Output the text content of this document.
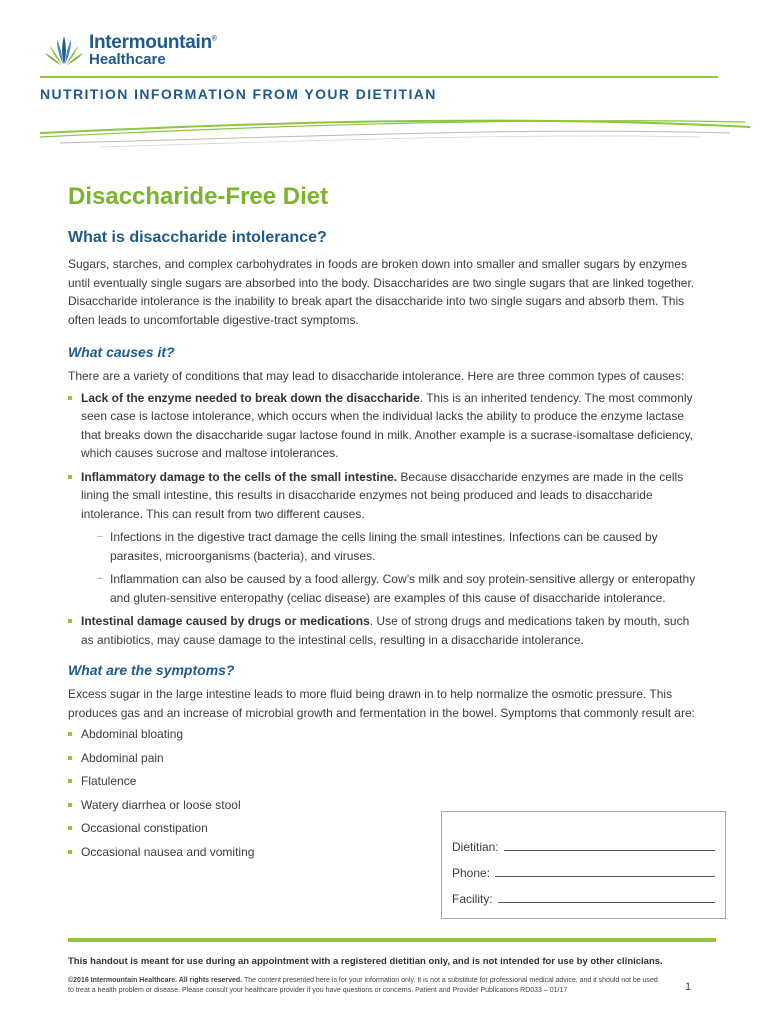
Intermountain®
Healthcare
NUTRITION INFORMATION FROM YOUR DIETITIAN
Disaccharide-Free Diet
What is disaccharide intolerance?

Sugars, starches, and complex carbohydrates in foods are broken down into smaller and smaller sugars by enzymes until eventually single sugars are absorbed into the body. Disaccharides are two single sugars that are linked together. Disaccharide intolerance is the inability to break apart the disaccharide into two single sugars and absorb them. This often leads to uncomfortable digestive-tract symptoms.

What causes it?

There are a variety of conditions that may lead to disaccharide intolerance. Here are three common types of causes:

Lack of the enzyme needed to break down the disaccharide. This is an inherited tendency. The most commonly seen case is lactose intolerance, which occurs when the individual lacks the ability to produce the enzyme lactase that breaks down the disaccharide sugar lactose found in milk. Another example is a sucrase-isomaltase deficiency, which causes sucrose and maltose intolerances.
Inflammatory damage to the cells of the small intestine. Because disaccharide enzymes are made in the cells lining the small intestine, this results in disaccharide enzymes not being produced and leads to disaccharide intolerance. This can result from two different causes.
– Infections in the digestive tract damage the cells lining the small intestines. Infections can be caused by parasites, microorganisms (bacteria), and viruses.
– Inflammation can also be caused by a food allergy. Cow’s milk and soy protein-sensitive allergy or enteropathy and gluten-sensitive enteropathy (celiac disease) are examples of this cause of disaccharide intolerance.
Intestinal damage caused by drugs or medications. Use of strong drugs and medications taken by mouth, such as antibiotics, may cause damage to the intestinal cells, resulting in a disaccharide intolerance.
What are the symptoms?

Excess sugar in the large intestine leads to more fluid being drawn in to help normalize the osmotic pressure. This produces gas and an increase of microbial growth and fermentation in the bowel. Symptoms that commonly result are:

Abdominal bloating
Abdominal pain
Flatulence
Watery diarrhea or loose stool
Occasional constipation
Occasional nausea and vomiting	Dietitian:
Phone:
Facility:
This handout is meant for use during an appointment with a registered dietitian only, and is not intended for use by other clinicians.
©2016 Intermountain Healthcare. All rights reserved. The content presented here is for your information only. It is not a substitute for professional medical advice, and it should not be used to treat a health problem or disease. Please consult your healthcare provider if you have questions or concerns. Patient and Provider Publications RD033 – 01/17	1
